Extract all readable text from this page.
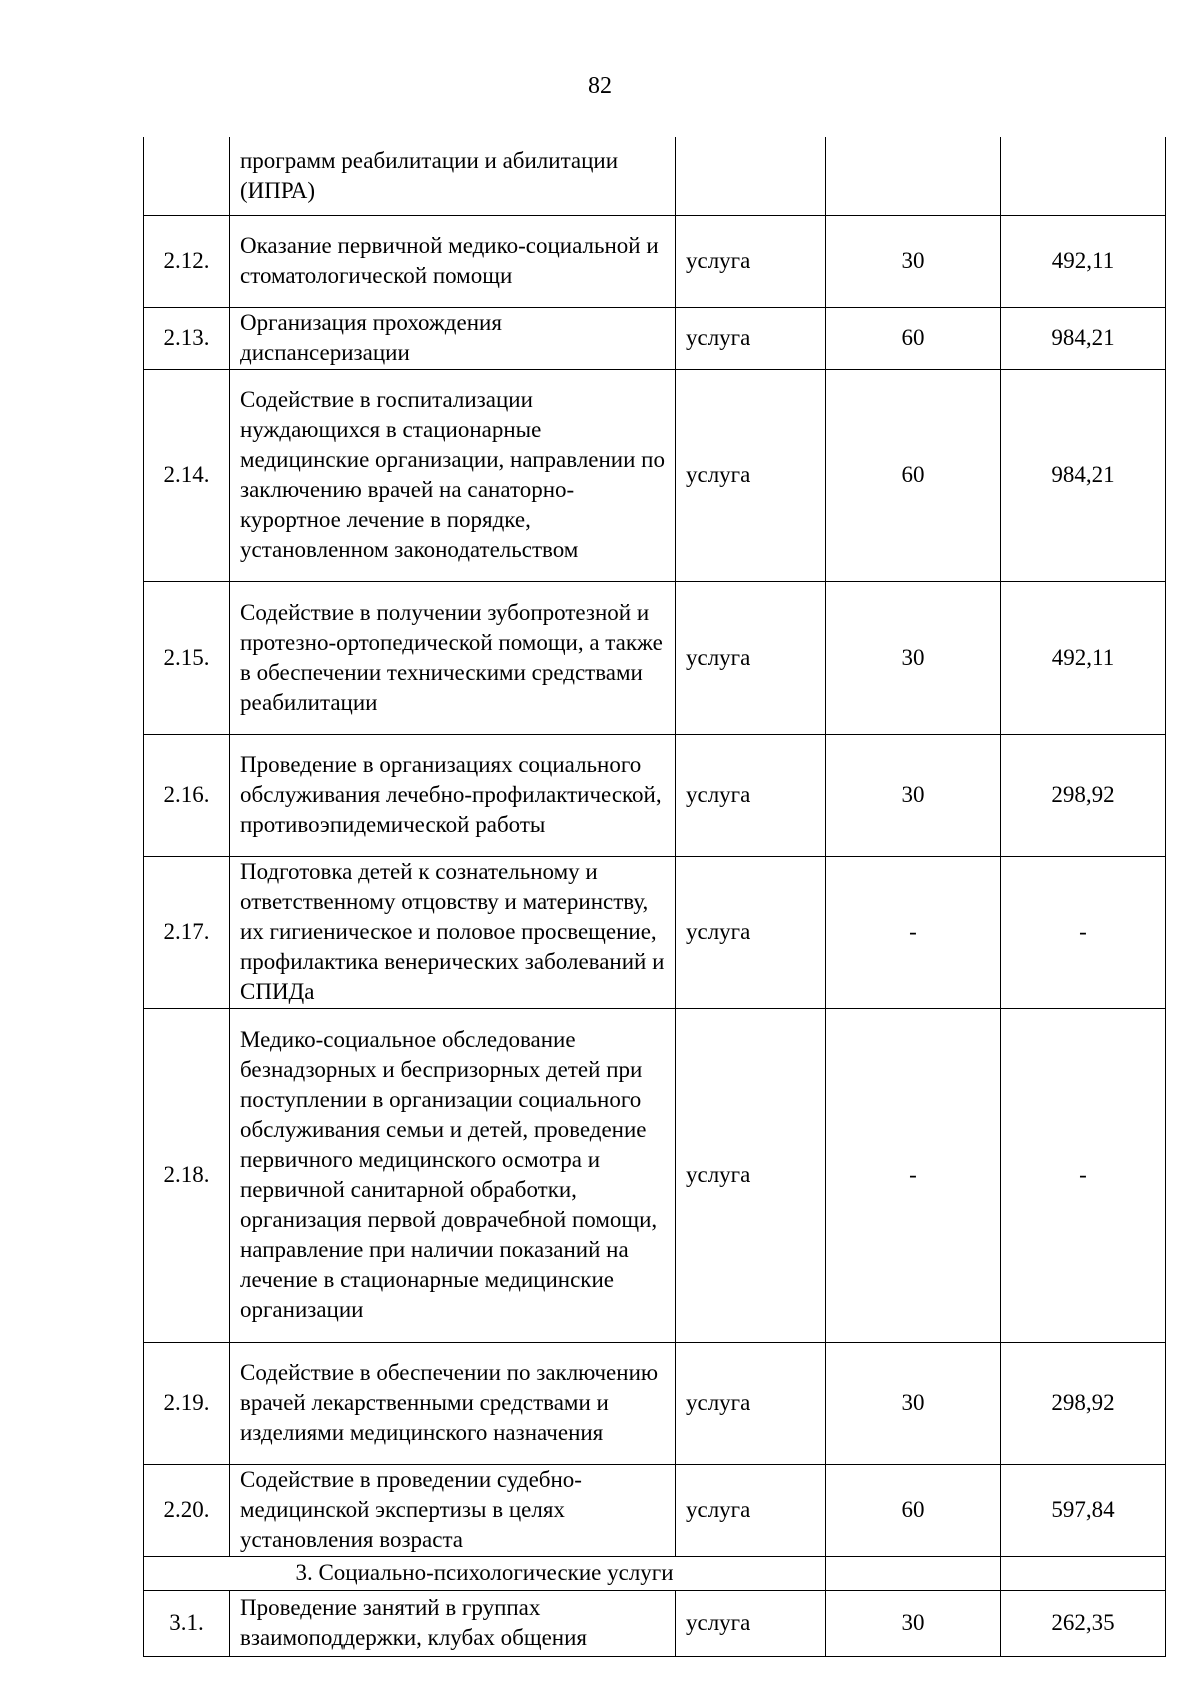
82
	программ реабилитации и абилитации (ИПРА)			
2.12.	Оказание первичной медико-социальной и стоматологической помощи	услуга	30	492,11
2.13.	Организация прохождения диспансеризации	услуга	60	984,21
2.14.	Содействие в госпитализации нуждающихся в стационарные медицинские организации, направлении по заключению врачей на санаторно-курортное лечение в порядке, установленном законодательством	услуга	60	984,21
2.15.	Содействие в получении зубопротезной и протезно-ортопедической помощи, а также в обеспечении техническими средствами реабилитации	услуга	30	492,11
2.16.	Проведение в организациях социального обслуживания лечебно-профилактической, противоэпидемической работы	услуга	30	298,92
2.17.	Подготовка детей к сознательному и ответственному отцовству и материнству, их гигиеническое и половое просвещение, профилактика венерических заболеваний и СПИДа	услуга	-	-
2.18.	Медико-социальное обследование безнадзорных и беспризорных детей при поступлении в организации социального обслуживания семьи и детей, проведение первичного медицинского осмотра и первичной санитарной обработки, организация первой доврачебной помощи, направление при наличии показаний на лечение в стационарные медицинские организации	услуга	-	-
2.19.	Содействие в обеспечении по заключению врачей лекарственными средствами и изделиями медицинского назначения	услуга	30	298,92
2.20.	Содействие в проведении судебно-медицинской экспертизы в целях установления возраста	услуга	60	597,84
3. Социально-психологические услуги				
3.1.	Проведение занятий в группах взаимоподдержки, клубах общения	услуга	30	262,35
